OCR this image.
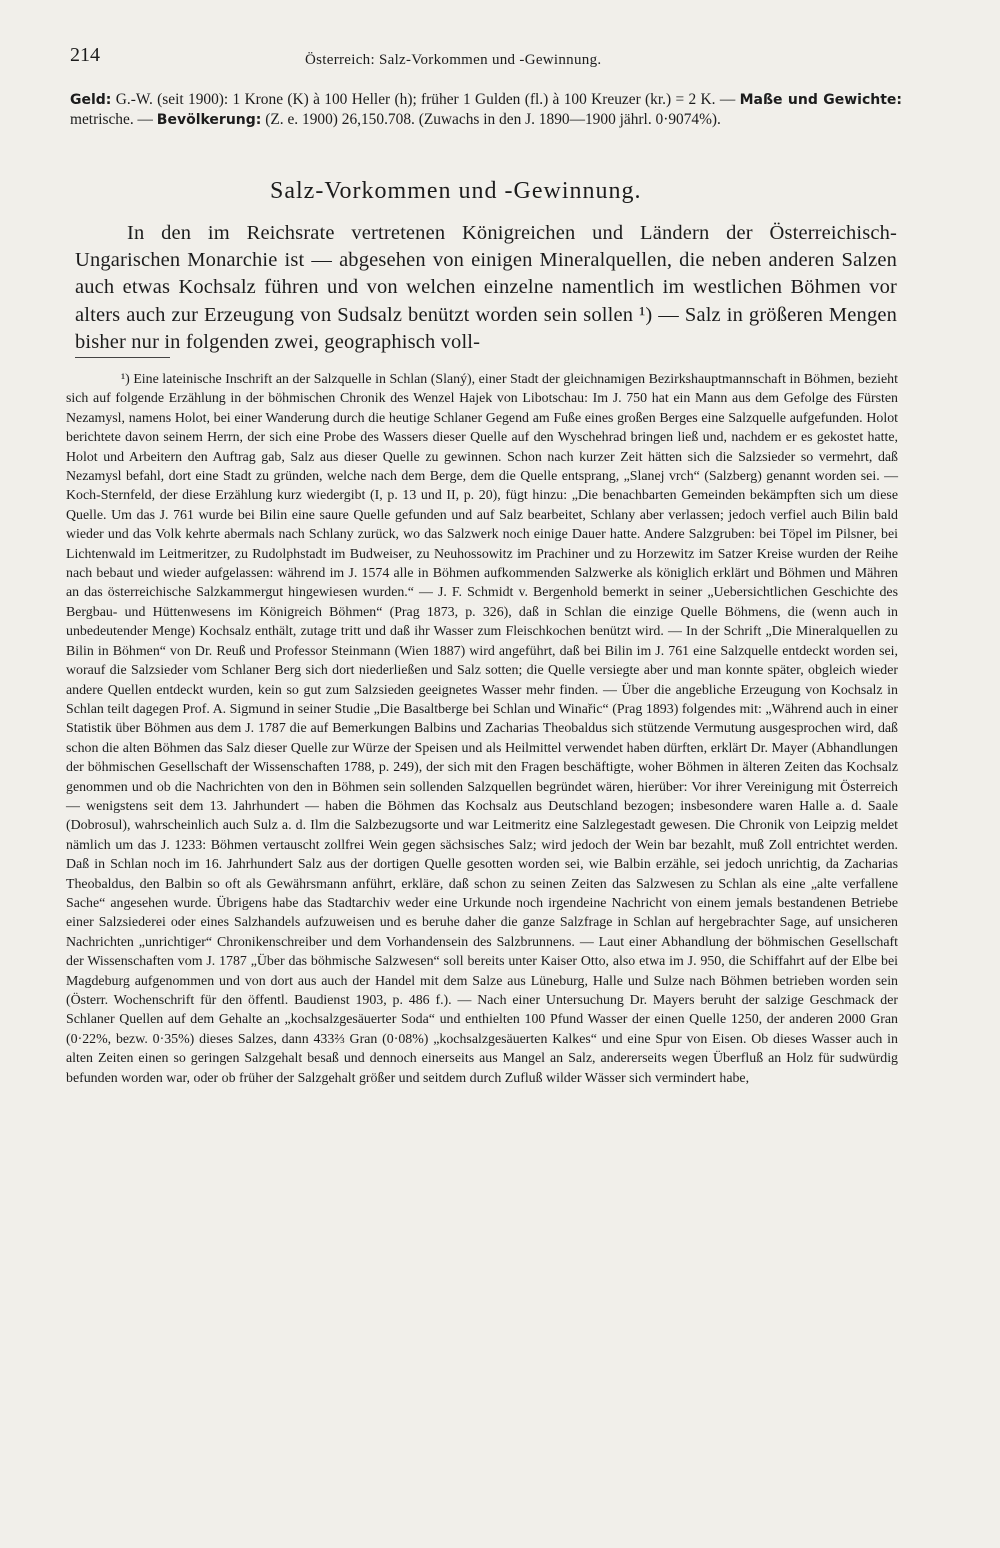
214	Österreich: Salz-Vorkommen und -Gewinnung.
Geld: G.-W. (seit 1900): 1 Krone (K) à 100 Heller (h); früher 1 Gulden (fl.) à 100 Kreuzer (kr.) = 2 K. — Maße und Gewichte: metrische. — Bevölkerung: (Z. e. 1900) 26,150.708. (Zuwachs in den J. 1890—1900 jährl. 0·9074%).
Salz-Vorkommen und -Gewinnung.

In den im Reichsrate vertretenen Königreichen und Ländern der Österreichisch-Ungarischen Monarchie ist — abgesehen von einigen Mineralquellen, die neben anderen Salzen auch etwas Kochsalz führen und von welchen einzelne namentlich im westlichen Böhmen vor alters auch zur Erzeugung von Sudsalz benützt worden sein sollen ¹) — Salz in größeren Mengen bisher nur in folgenden zwei, geographisch voll-

¹) Eine lateinische Inschrift an der Salzquelle in Schlan (Slaný), einer Stadt der gleichnamigen Bezirkshauptmannschaft in Böhmen, bezieht sich auf folgende Erzählung in der böhmischen Chronik des Wenzel Hajek von Libotschau: Im J. 750 hat ein Mann aus dem Gefolge des Fürsten Nezamysl, namens Holot, bei einer Wanderung durch die heutige Schlaner Gegend am Fuße eines großen Berges eine Salzquelle aufgefunden. Holot berichtete davon seinem Herrn, der sich eine Probe des Wassers dieser Quelle auf den Wyschehrad bringen ließ und, nachdem er es gekostet hatte, Holot und Arbeitern den Auftrag gab, Salz aus dieser Quelle zu gewinnen. Schon nach kurzer Zeit hätten sich die Salzsieder so vermehrt, daß Nezamysl befahl, dort eine Stadt zu gründen, welche nach dem Berge, dem die Quelle entsprang, „Slanej vrch“ (Salzberg) genannt worden sei. — Koch-Sternfeld, der diese Erzählung kurz wiedergibt (I, p. 13 und II, p. 20), fügt hinzu: „Die benachbarten Gemeinden bekämpften sich um diese Quelle. Um das J. 761 wurde bei Bilin eine saure Quelle gefunden und auf Salz bearbeitet, Schlany aber verlassen; jedoch verfiel auch Bilin bald wieder und das Volk kehrte abermals nach Schlany zurück, wo das Salzwerk noch einige Dauer hatte. Andere Salzgruben: bei Töpel im Pilsner, bei Lichtenwald im Leitmeritzer, zu Rudolphstadt im Budweiser, zu Neuhossowitz im Prachiner und zu Horzewitz im Satzer Kreise wurden der Reihe nach bebaut und wieder aufgelassen: während im J. 1574 alle in Böhmen aufkommenden Salzwerke als königlich erklärt und Böhmen und Mähren an das österreichische Salzkammergut hingewiesen wurden.“ — J. F. Schmidt v. Bergenhold bemerkt in seiner „Uebersichtlichen Geschichte des Bergbau- und Hüttenwesens im Königreich Böhmen“ (Prag 1873, p. 326), daß in Schlan die einzige Quelle Böhmens, die (wenn auch in unbedeutender Menge) Kochsalz enthält, zutage tritt und daß ihr Wasser zum Fleischkochen benützt wird. — In der Schrift „Die Mineralquellen zu Bilin in Böhmen“ von Dr. Reuß und Professor Steinmann (Wien 1887) wird angeführt, daß bei Bilin im J. 761 eine Salzquelle entdeckt worden sei, worauf die Salzsieder vom Schlaner Berg sich dort niederließen und Salz sotten; die Quelle versiegte aber und man konnte später, obgleich wieder andere Quellen entdeckt wurden, kein so gut zum Salzsieden geeignetes Wasser mehr finden. — Über die angebliche Erzeugung von Kochsalz in Schlan teilt dagegen Prof. A. Sigmund in seiner Studie „Die Basaltberge bei Schlan und Winařic“ (Prag 1893) folgendes mit: „Während auch in einer Statistik über Böhmen aus dem J. 1787 die auf Bemerkungen Balbins und Zacharias Theobaldus sich stützende Vermutung ausgesprochen wird, daß schon die alten Böhmen das Salz dieser Quelle zur Würze der Speisen und als Heilmittel verwendet haben dürften, erklärt Dr. Mayer (Abhandlungen der böhmischen Gesellschaft der Wissenschaften 1788, p. 249), der sich mit den Fragen beschäftigte, woher Böhmen in älteren Zeiten das Kochsalz genommen und ob die Nachrichten von den in Böhmen sein sollenden Salzquellen begründet wären, hierüber: Vor ihrer Vereinigung mit Österreich — wenigstens seit dem 13. Jahrhundert — haben die Böhmen das Kochsalz aus Deutschland bezogen; insbesondere waren Halle a. d. Saale (Dobrosul), wahrscheinlich auch Sulz a. d. Ilm die Salzbezugsorte und war Leitmeritz eine Salzlegestadt gewesen. Die Chronik von Leipzig meldet nämlich um das J. 1233: Böhmen vertauscht zollfrei Wein gegen sächsisches Salz; wird jedoch der Wein bar bezahlt, muß Zoll entrichtet werden. Daß in Schlan noch im 16. Jahrhundert Salz aus der dortigen Quelle gesotten worden sei, wie Balbin erzähle, sei jedoch unrichtig, da Zacharias Theobaldus, den Balbin so oft als Gewährsmann anführt, erkläre, daß schon zu seinen Zeiten das Salzwesen zu Schlan als eine „alte verfallene Sache“ angesehen wurde. Übrigens habe das Stadtarchiv weder eine Urkunde noch irgendeine Nachricht von einem jemals bestandenen Betriebe einer Salzsiederei oder eines Salzhandels aufzuweisen und es beruhe daher die ganze Salzfrage in Schlan auf hergebrachter Sage, auf unsicheren Nachrichten „unrichtiger“ Chronikenschreiber und dem Vorhandensein des Salzbrunnens. — Laut einer Abhandlung der böhmischen Gesellschaft der Wissenschaften vom J. 1787 „Über das böhmische Salzwesen“ soll bereits unter Kaiser Otto, also etwa im J. 950, die Schiffahrt auf der Elbe bei Magdeburg aufgenommen und von dort aus auch der Handel mit dem Salze aus Lüneburg, Halle und Sulze nach Böhmen betrieben worden sein (Österr. Wochenschrift für den öffentl. Baudienst 1903, p. 486 f.). — Nach einer Untersuchung Dr. Mayers beruht der salzige Geschmack der Schlaner Quellen auf dem Gehalte an „kochsalzgesäuerter Soda“ und enthielten 100 Pfund Wasser der einen Quelle 1250, der anderen 2000 Gran (0·22%, bezw. 0·35%) dieses Salzes, dann 433⅔ Gran (0·08%) „kochsalzgesäuerten Kalkes“ und eine Spur von Eisen. Ob dieses Wasser auch in alten Zeiten einen so geringen Salzgehalt besaß und dennoch einerseits aus Mangel an Salz, andererseits wegen Überfluß an Holz für sudwürdig befunden worden war, oder ob früher der Salzgehalt größer und seitdem durch Zufluß wilder Wässer sich vermindert habe,
